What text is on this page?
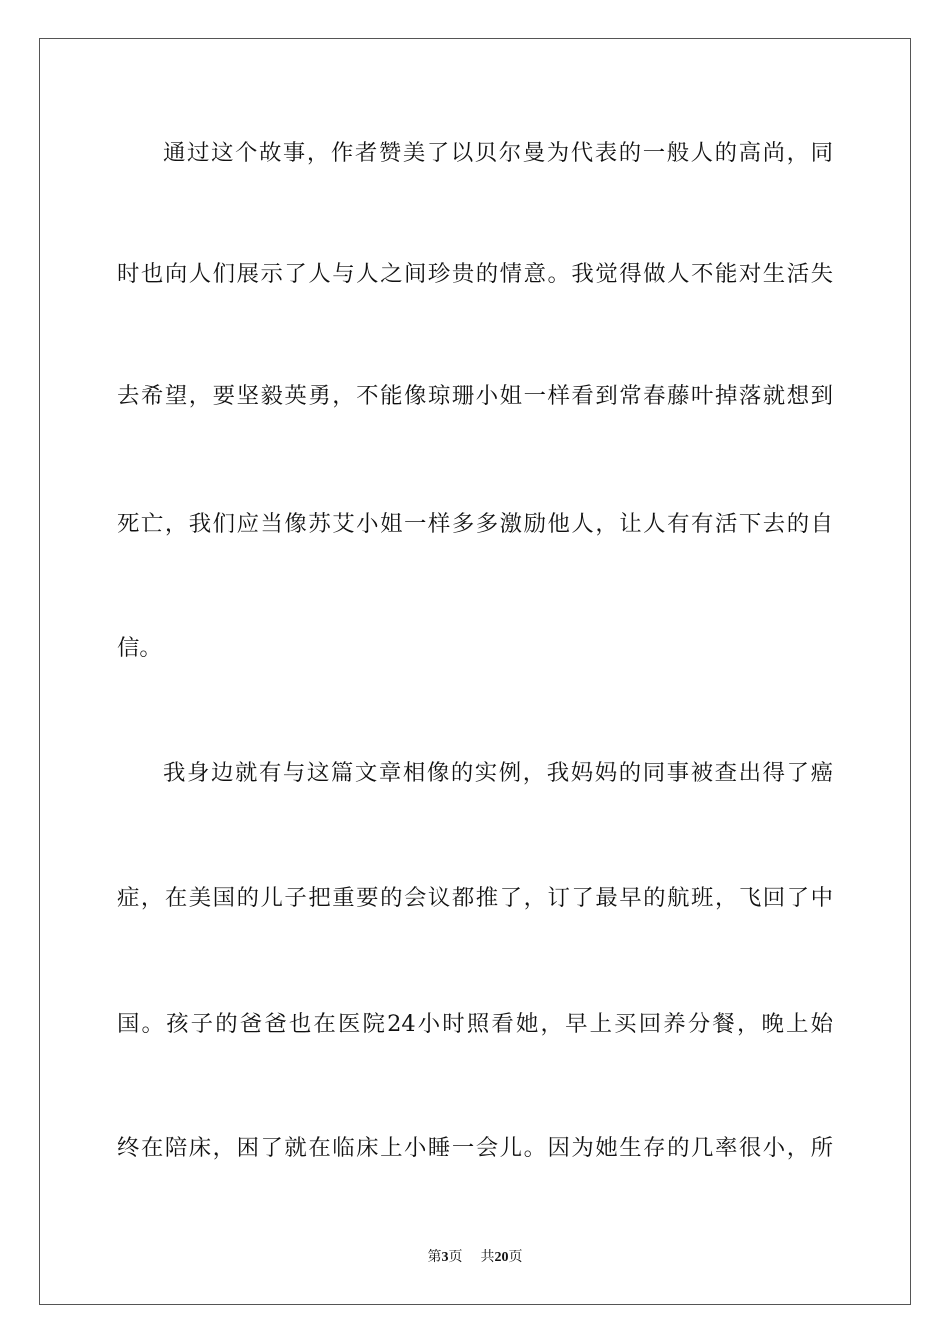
通过这个故事，作者赞美了以贝尔曼为代表的一般人的高尚，同
时也向人们展示了人与人之间珍贵的情意。我觉得做人不能对生活失
去希望，要坚毅英勇，不能像琼珊小姐一样看到常春藤叶掉落就想到
死亡，我们应当像苏艾小姐一样多多激励他人，让人有有活下去的自
信。
我身边就有与这篇文章相像的实例，我妈妈的同事被查出得了癌
症，在美国的儿子把重要的会议都推了，订了最早的航班，飞回了中
国。孩子的爸爸也在医院24小时照看她，早上买回养分餐，晚上始
终在陪床，困了就在临床上小睡一会儿。因为她生存的几率很小，所
第3页 共20页
